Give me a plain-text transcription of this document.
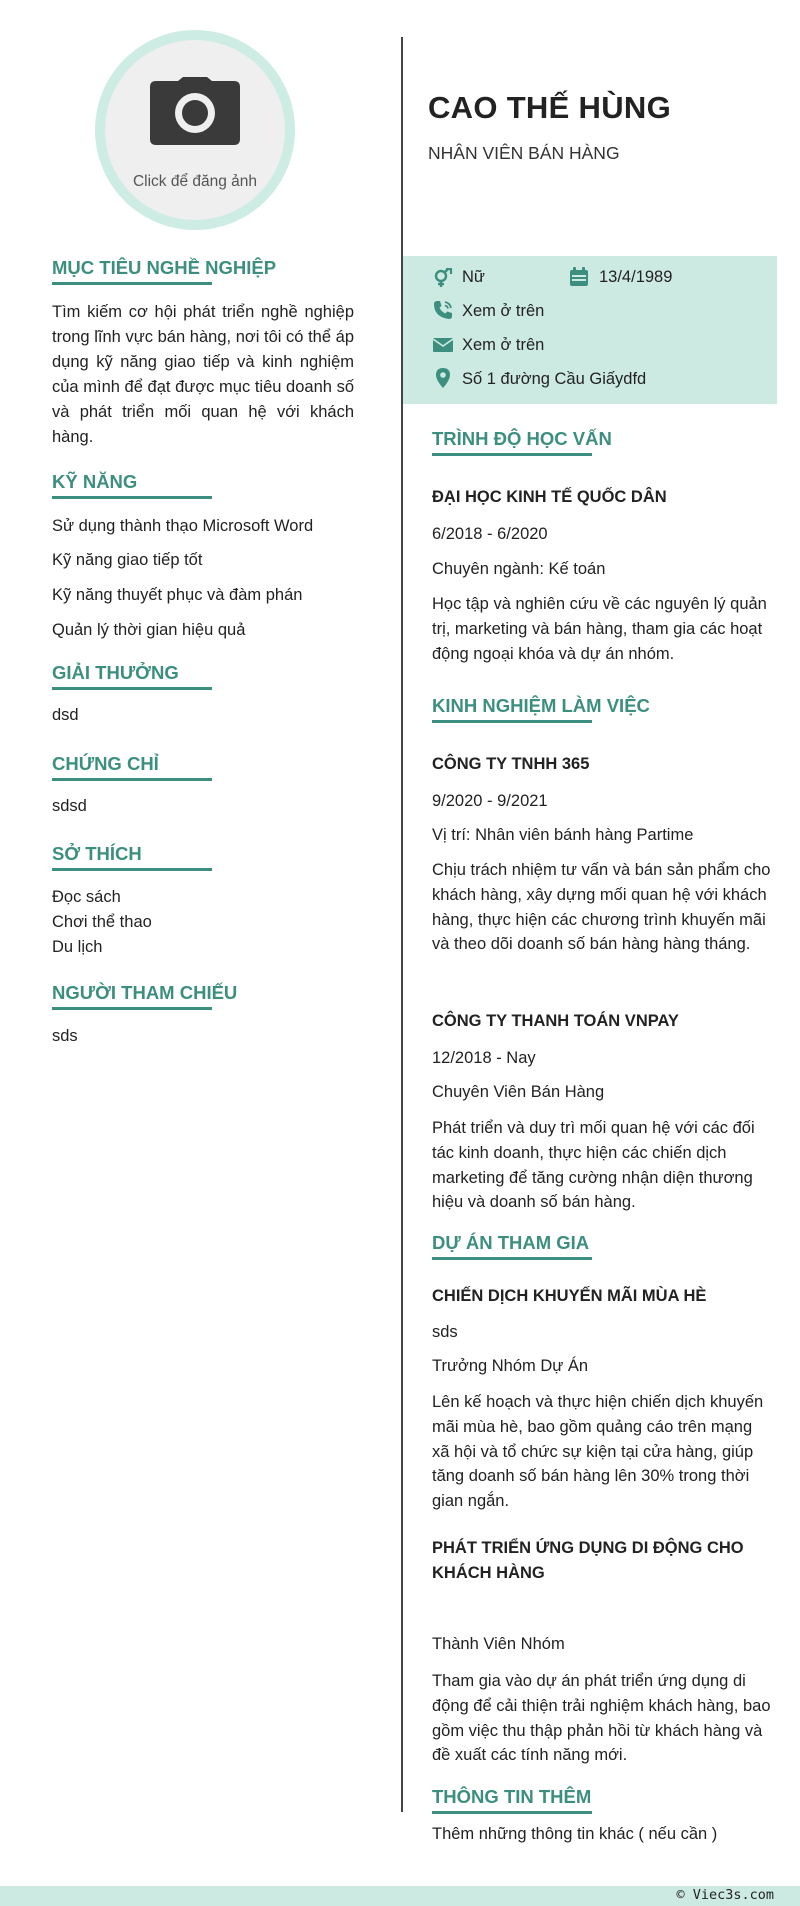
Click để đăng ảnh
MỤC TIÊU NGHỀ NGHIỆP
Tìm kiếm cơ hội phát triển nghề nghiệp trong lĩnh vực bán hàng, nơi tôi có thể áp dụng kỹ năng giao tiếp và kinh nghiệm của mình để đạt được mục tiêu doanh số và phát triển mối quan hệ với khách hàng.
KỸ NĂNG
Sử dụng thành thạo Microsoft Word
Kỹ năng giao tiếp tốt
Kỹ năng thuyết phục và đàm phán
Quản lý thời gian hiệu quả
GIẢI THƯỞNG
dsd
CHỨNG CHỈ
sdsd
SỞ THÍCH
Đọc sách
Chơi thể thao
Du lịch
NGƯỜI THAM CHIẾU
sds
CAO THẾ HÙNG
NHÂN VIÊN BÁN HÀNG
Nữ	13/4/1989
Xem ở trên
Xem ở trên
Số 1 đường Cầu Giấydfd
TRÌNH ĐỘ HỌC VẤN
ĐẠI HỌC KINH TẾ QUỐC DÂN
6/2018 - 6/2020
Chuyên ngành: Kế toán
Học tập và nghiên cứu về các nguyên lý quản trị, marketing và bán hàng, tham gia các hoạt động ngoại khóa và dự án nhóm.
KINH NGHIỆM LÀM VIỆC
CÔNG TY TNHH 365
9/2020 - 9/2021
Vị trí: Nhân viên bánh hàng Partime
Chịu trách nhiệm tư vấn và bán sản phẩm cho khách hàng, xây dựng mối quan hệ với khách hàng, thực hiện các chương trình khuyến mãi và theo dõi doanh số bán hàng hàng tháng.
CÔNG TY THANH TOÁN VNPAY
12/2018 - Nay
Chuyên Viên Bán Hàng
Phát triển và duy trì mối quan hệ với các đối tác kinh doanh, thực hiện các chiến dịch marketing để tăng cường nhận diện thương hiệu và doanh số bán hàng.
DỰ ÁN THAM GIA
CHIẾN DỊCH KHUYẾN MÃI MÙA HÈ
sds
Trưởng Nhóm Dự Án
Lên kế hoạch và thực hiện chiến dịch khuyến mãi mùa hè, bao gồm quảng cáo trên mạng xã hội và tổ chức sự kiện tại cửa hàng, giúp tăng doanh số bán hàng lên 30% trong thời gian ngắn.
PHÁT TRIỂN ỨNG DỤNG DI ĐỘNG CHO KHÁCH HÀNG
Thành Viên Nhóm
Tham gia vào dự án phát triển ứng dụng di động để cải thiện trải nghiệm khách hàng, bao gồm việc thu thập phản hồi từ khách hàng và đề xuất các tính năng mới.
THÔNG TIN THÊM
Thêm những thông tin khác ( nếu cần )
© Viec3s.com
